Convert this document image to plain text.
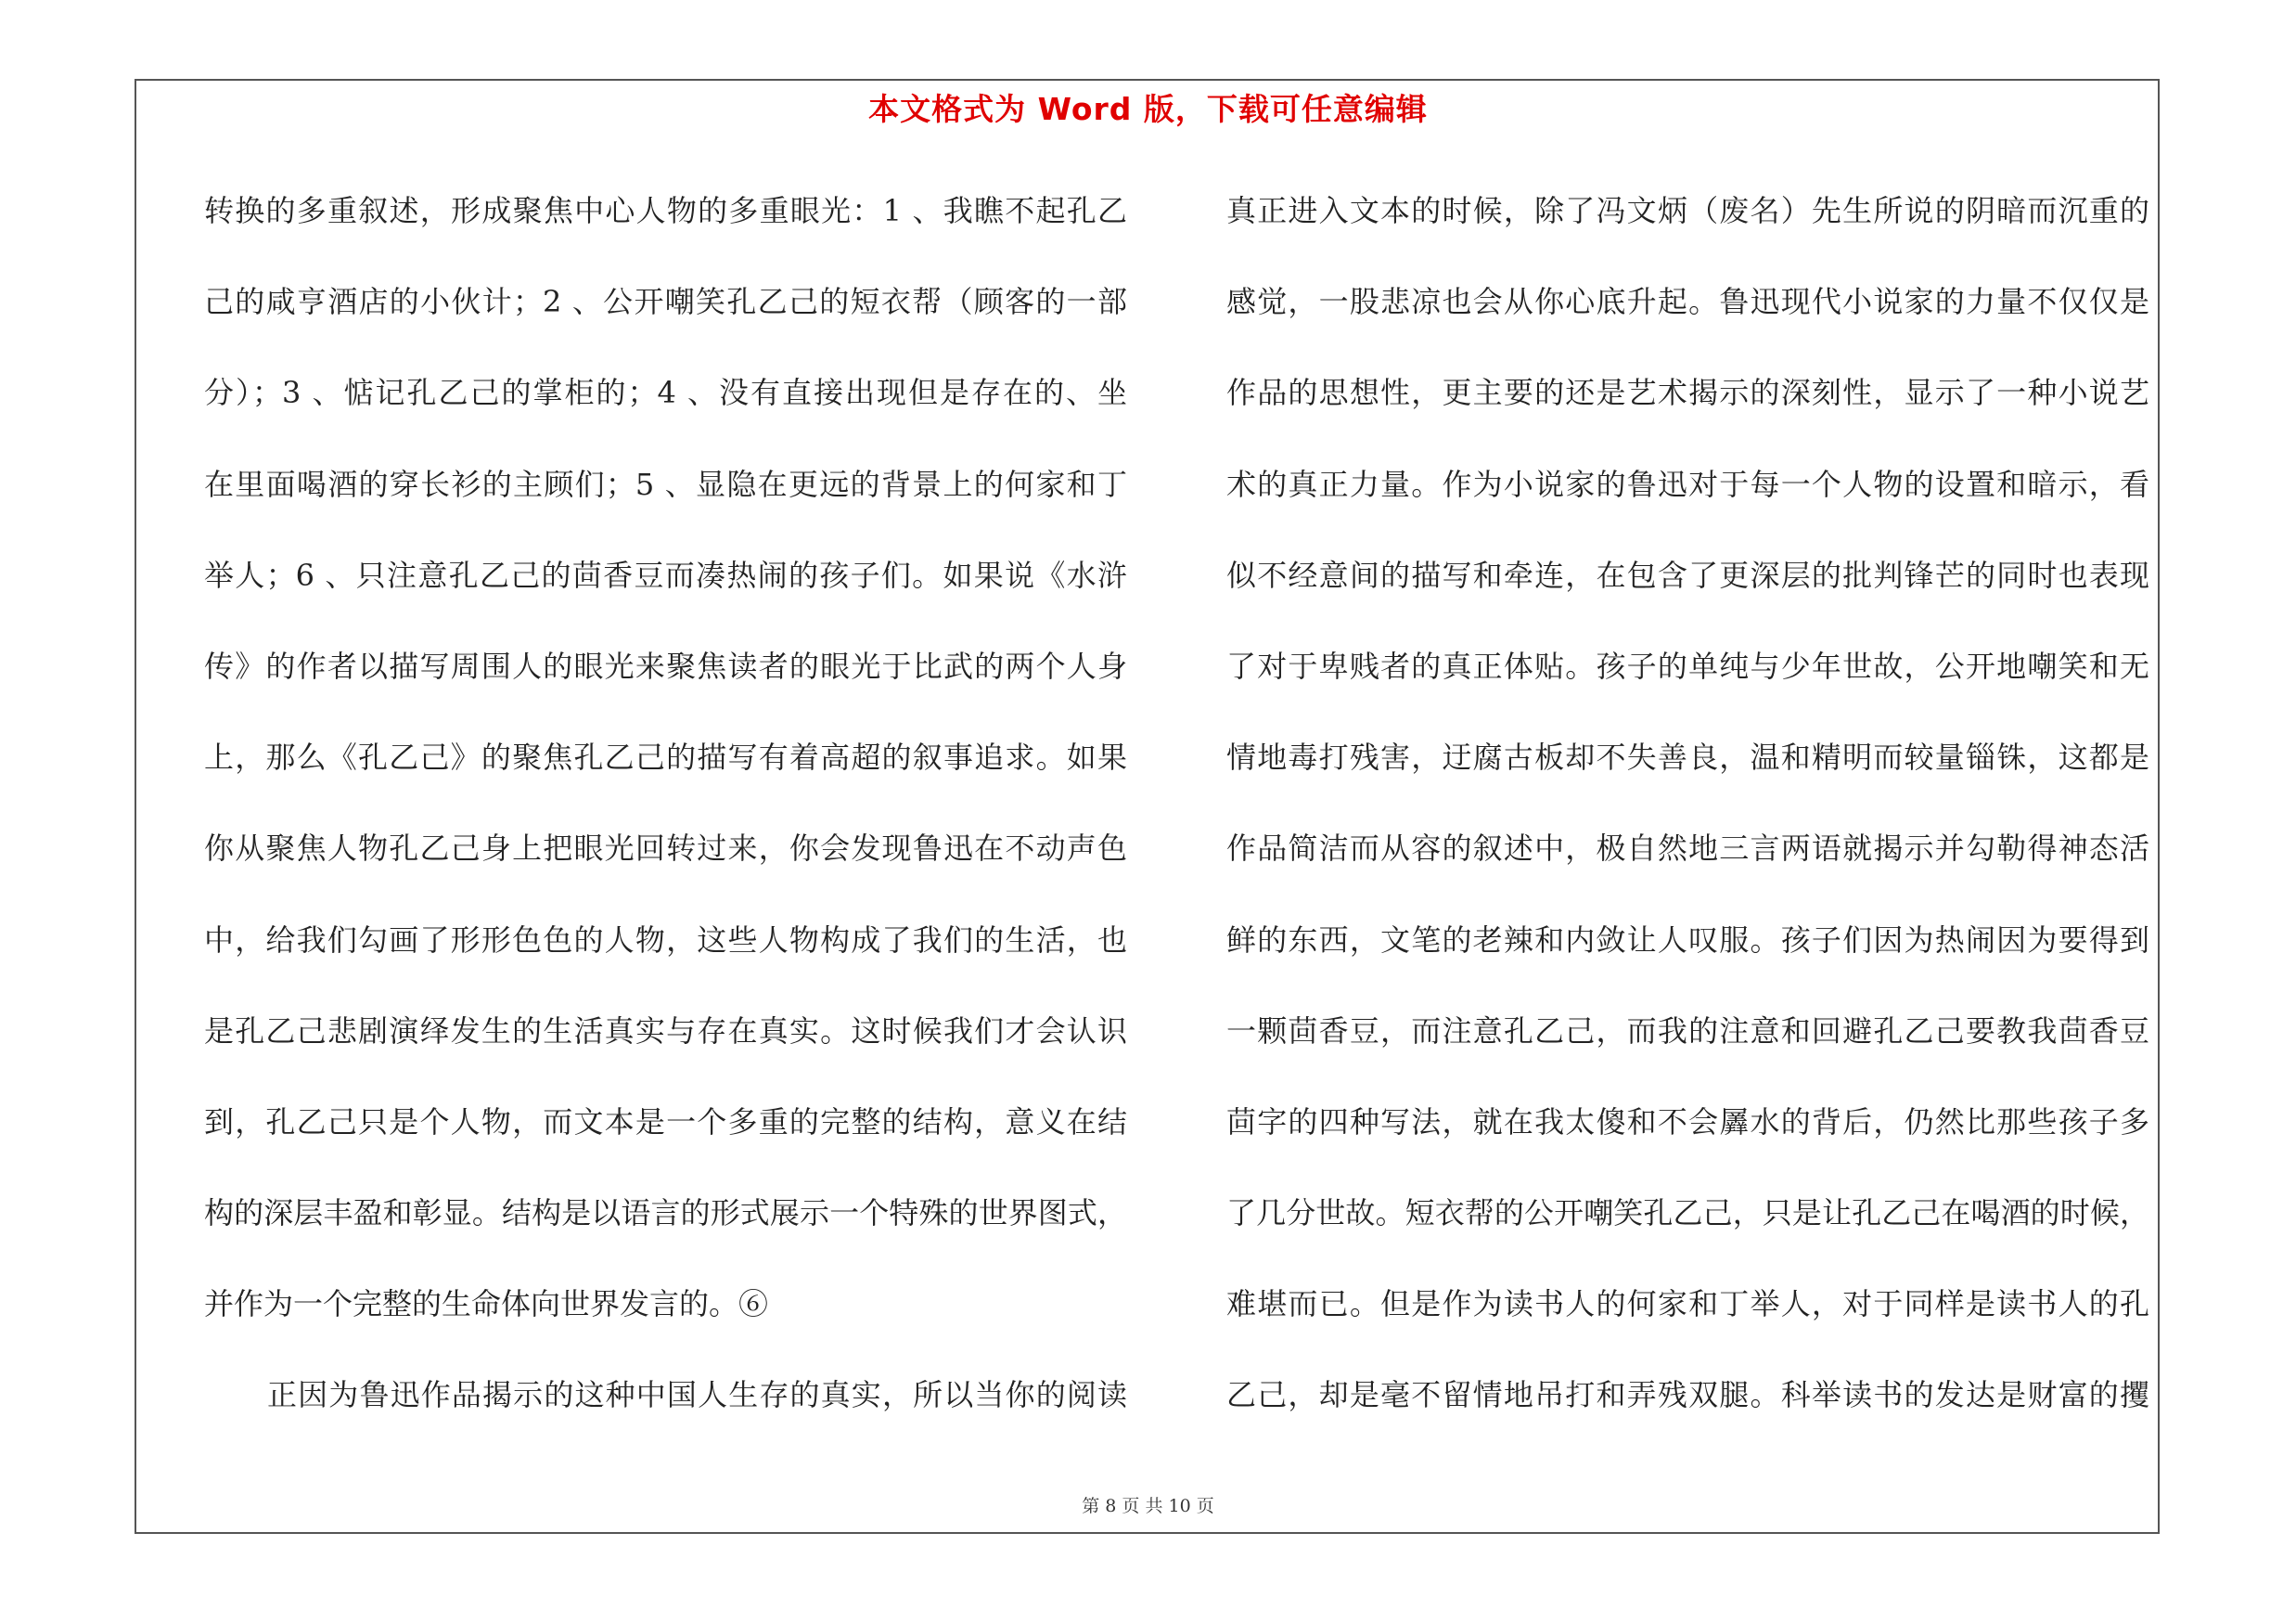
本文格式为 Word 版，下载可任意编辑
转换的多重叙述，形成聚焦中心人物的多重眼光：1 、我瞧不起孔乙
己的咸亨酒店的小伙计；2 、公开嘲笑孔乙己的短衣帮（顾客的一部
分）；3 、惦记孔乙己的掌柜的；4 、没有直接出现但是存在的、坐
在里面喝酒的穿长衫的主顾们；5 、显隐在更远的背景上的何家和丁
举人；6 、只注意孔乙己的茴香豆而凑热闹的孩子们。如果说《水浒
传》的作者以描写周围人的眼光来聚焦读者的眼光于比武的两个人身
上，那么《孔乙己》的聚焦孔乙己的描写有着高超的叙事追求。如果
你从聚焦人物孔乙己身上把眼光回转过来，你会发现鲁迅在不动声色
中，给我们勾画了形形色色的人物，这些人物构成了我们的生活，也
是孔乙己悲剧演绎发生的生活真实与存在真实。这时候我们才会认识
到，孔乙己只是个人物，而文本是一个多重的完整的结构，意义在结
构的深层丰盈和彰显。结构是以语言的形式展示一个特殊的世界图式，
并作为一个完整的生命体向世界发言的。⑥
正因为鲁迅作品揭示的这种中国人生存的真实，所以当你的阅读
真正进入文本的时候，除了冯文炳（废名）先生所说的阴暗而沉重的
感觉，一股悲凉也会从你心底升起。鲁迅现代小说家的力量不仅仅是
作品的思想性，更主要的还是艺术揭示的深刻性，显示了一种小说艺
术的真正力量。作为小说家的鲁迅对于每一个人物的设置和暗示，看
似不经意间的描写和牵连，在包含了更深层的批判锋芒的同时也表现
了对于卑贱者的真正体贴。孩子的单纯与少年世故，公开地嘲笑和无
情地毒打残害，迂腐古板却不失善良，温和精明而较量锱铢，这都是
作品简洁而从容的叙述中，极自然地三言两语就揭示并勾勒得神态活
鲜的东西，文笔的老辣和内敛让人叹服。孩子们因为热闹因为要得到
一颗茴香豆，而注意孔乙己，而我的注意和回避孔乙己要教我茴香豆
茴字的四种写法，就在我太傻和不会羼水的背后，仍然比那些孩子多
了几分世故。短衣帮的公开嘲笑孔乙己，只是让孔乙己在喝酒的时候，
难堪而已。但是作为读书人的何家和丁举人，对于同样是读书人的孔
乙己，却是毫不留情地吊打和弄残双腿。科举读书的发达是财富的攫
第 8 页 共 10 页
